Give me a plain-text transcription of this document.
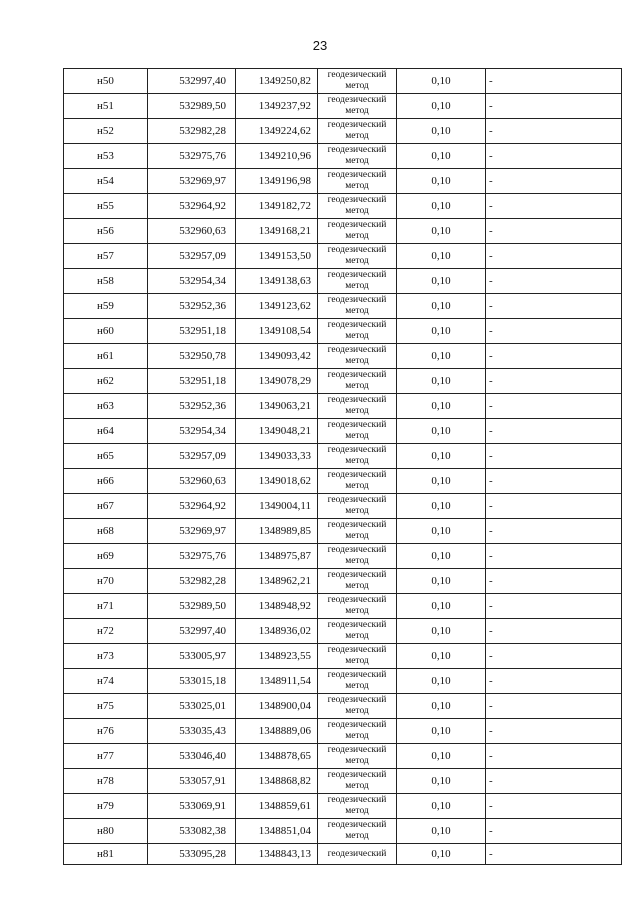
23
н50	532997,40	1349250,82	геодезический метод	0,10	-
н51	532989,50	1349237,92	геодезический метод	0,10	-
н52	532982,28	1349224,62	геодезический метод	0,10	-
н53	532975,76	1349210,96	геодезический метод	0,10	-
н54	532969,97	1349196,98	геодезический метод	0,10	-
н55	532964,92	1349182,72	геодезический метод	0,10	-
н56	532960,63	1349168,21	геодезический метод	0,10	-
н57	532957,09	1349153,50	геодезический метод	0,10	-
н58	532954,34	1349138,63	геодезический метод	0,10	-
н59	532952,36	1349123,62	геодезический метод	0,10	-
н60	532951,18	1349108,54	геодезический метод	0,10	-
н61	532950,78	1349093,42	геодезический метод	0,10	-
н62	532951,18	1349078,29	геодезический метод	0,10	-
н63	532952,36	1349063,21	геодезический метод	0,10	-
н64	532954,34	1349048,21	геодезический метод	0,10	-
н65	532957,09	1349033,33	геодезический метод	0,10	-
н66	532960,63	1349018,62	геодезический метод	0,10	-
н67	532964,92	1349004,11	геодезический метод	0,10	-
н68	532969,97	1348989,85	геодезический метод	0,10	-
н69	532975,76	1348975,87	геодезический метод	0,10	-
н70	532982,28	1348962,21	геодезический метод	0,10	-
н71	532989,50	1348948,92	геодезический метод	0,10	-
н72	532997,40	1348936,02	геодезический метод	0,10	-
н73	533005,97	1348923,55	геодезический метод	0,10	-
н74	533015,18	1348911,54	геодезический метод	0,10	-
н75	533025,01	1348900,04	геодезический метод	0,10	-
н76	533035,43	1348889,06	геодезический метод	0,10	-
н77	533046,40	1348878,65	геодезический метод	0,10	-
н78	533057,91	1348868,82	геодезический метод	0,10	-
н79	533069,91	1348859,61	геодезический метод	0,10	-
н80	533082,38	1348851,04	геодезический метод	0,10	-
н81	533095,28	1348843,13	геодезический	0,10	-
